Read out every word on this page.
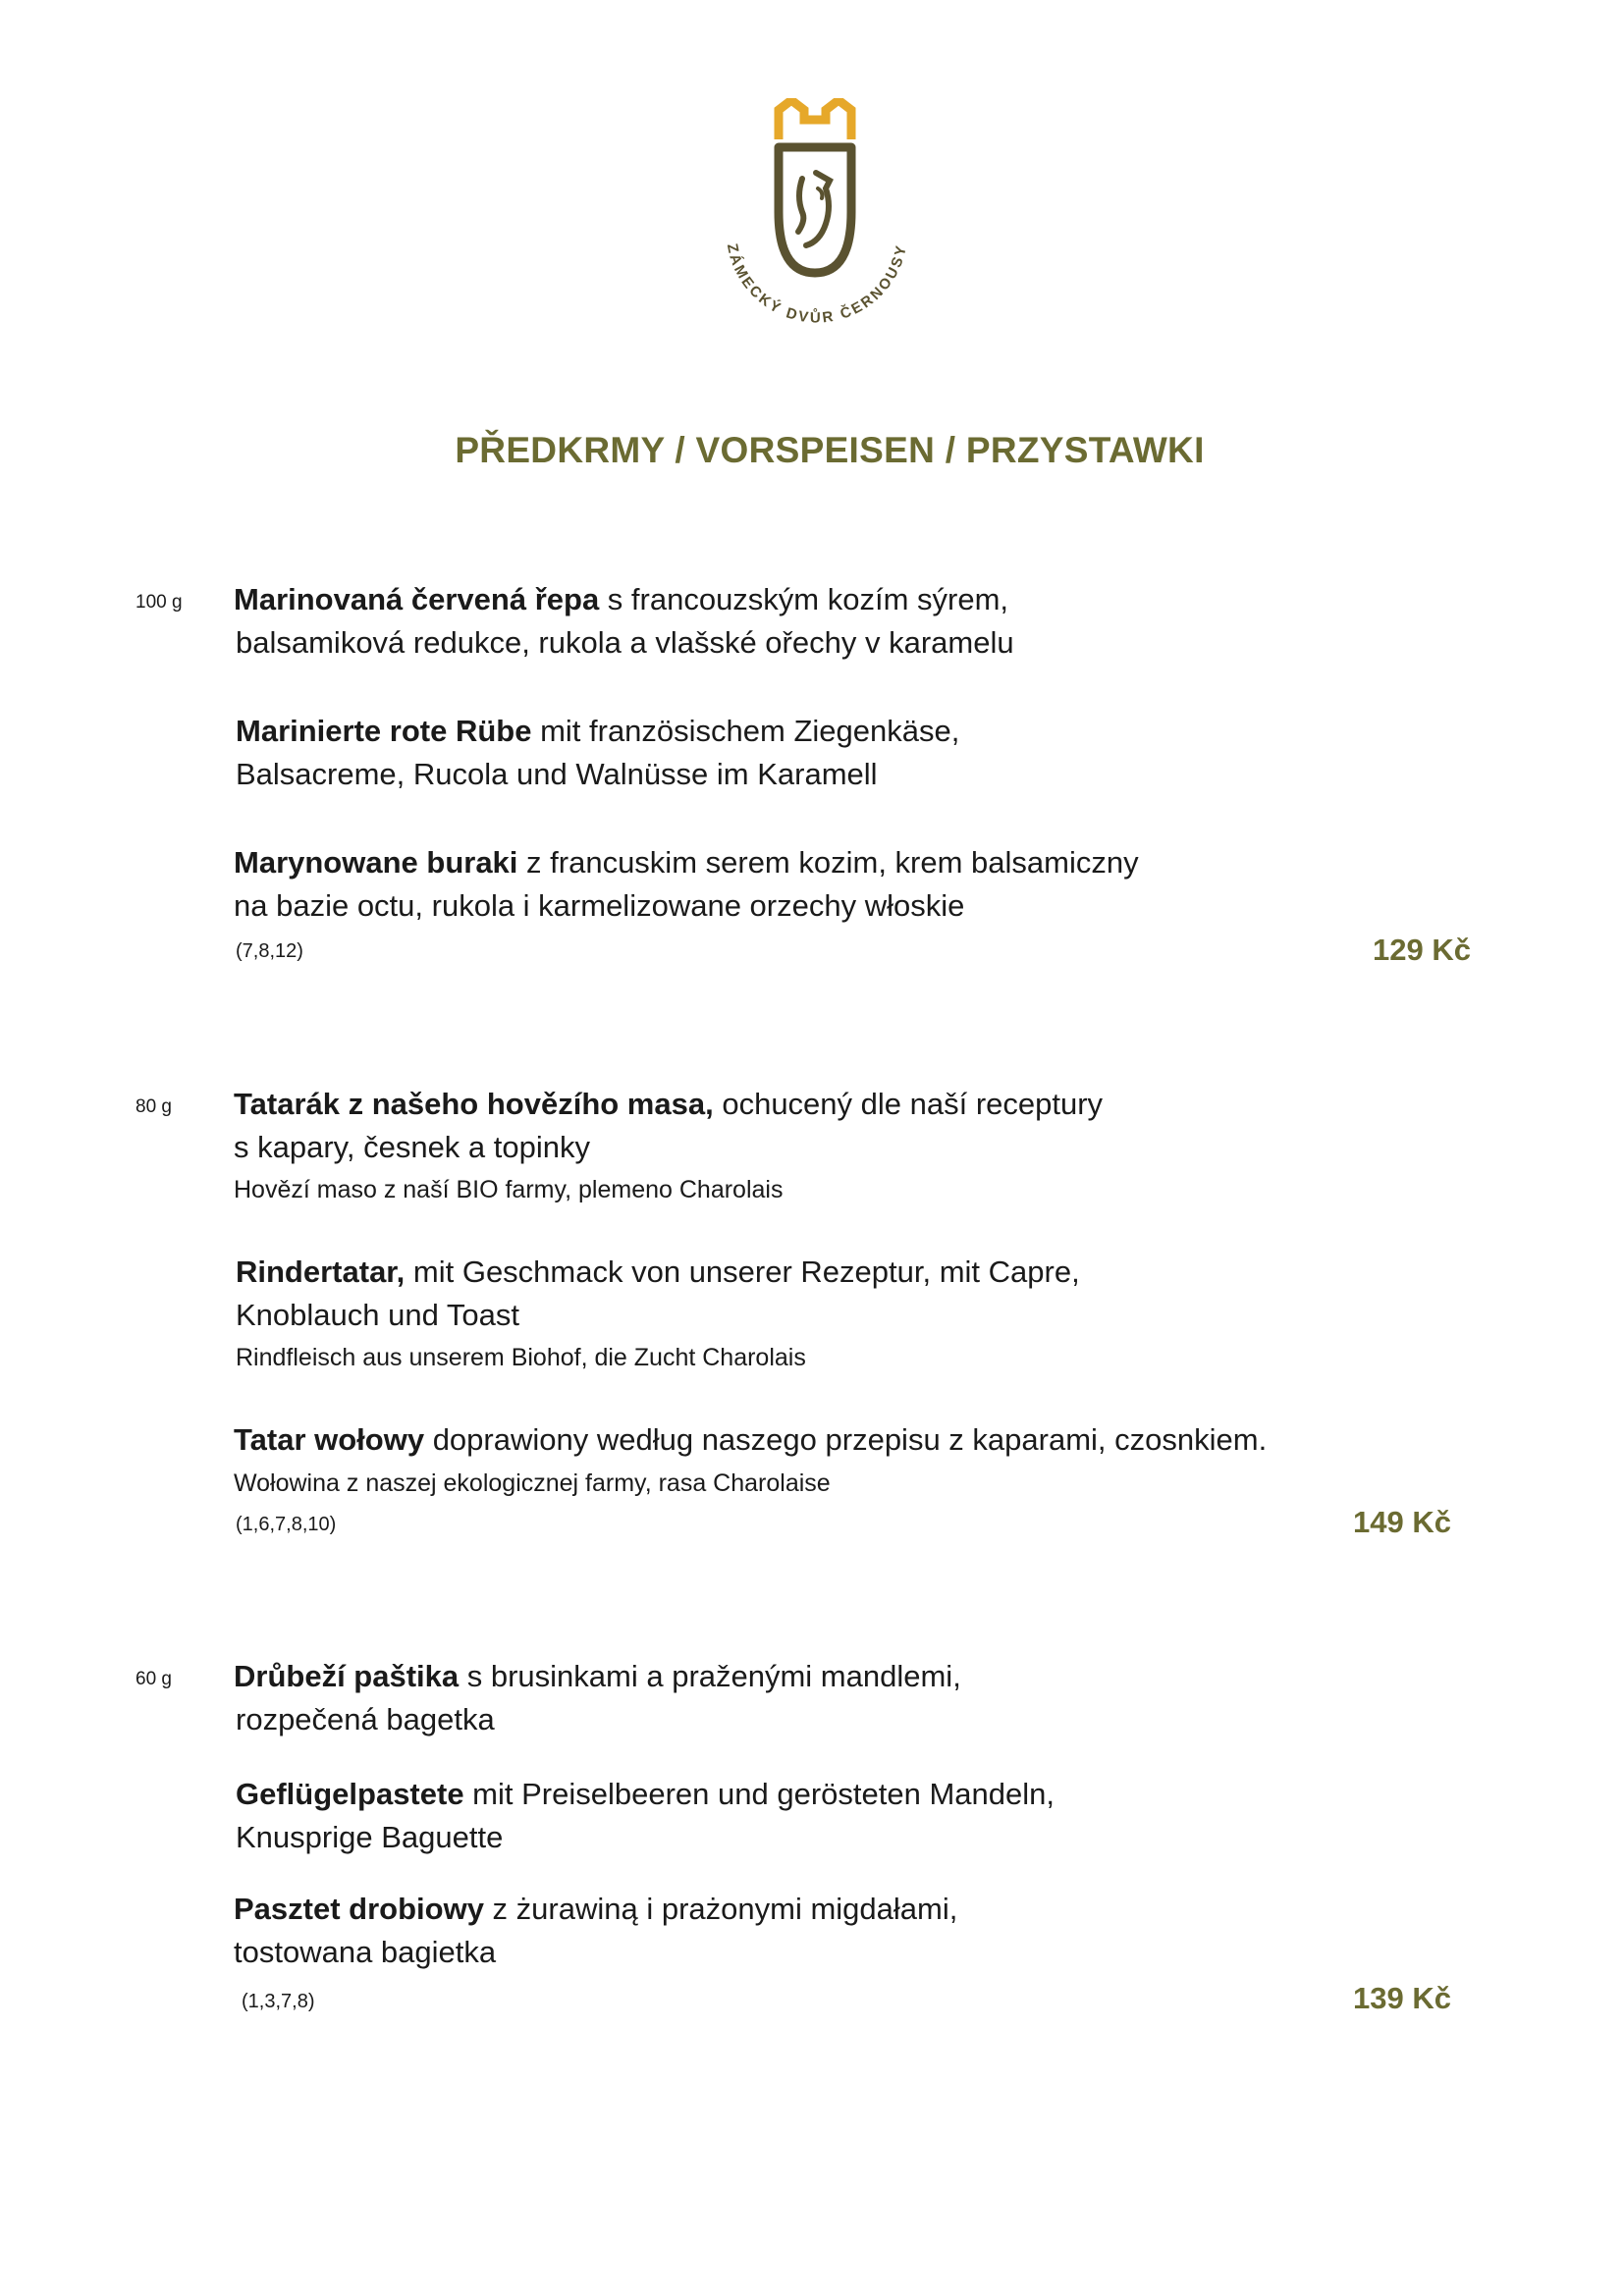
ZÁMECKÝ DVŮR ČERNOUSY
PŘEDKRMY / VORSPEISEN / PRZYSTAWKI
100 g Marinovaná červená řepa s francouzským kozím sýrem,
balsamiková redukce, rukola a vlašské ořechy v karamelu
Marinierte rote Rübe mit französischem Ziegenkäse,
Balsacreme, Rucola und Walnüsse im Karamell
Marynowane buraki z francuskim serem kozim, krem balsamiczny
na bazie octu, rukola i karmelizowane orzechy włoskie
(7,8,12)	129 Kč
80 g Tatarák z našeho hovězího masa, ochucený dle naší receptury
s kapary, česnek a topinky
Hovězí maso z naší BIO farmy, plemeno Charolais
Rindertatar, mit Geschmack von unserer Rezeptur, mit Capre,
Knoblauch und Toast
Rindfleisch aus unserem Biohof, die Zucht Charolais
Tatar wołowy doprawiony według naszego przepisu z kaparami, czosnkiem.
Wołowina z naszej ekologicznej farmy, rasa Charolaise
(1,6,7,8,10)	149 Kč
60 g Drůbeží paštika s brusinkami a praženými mandlemi,
rozpečená bagetka
Geflügelpastete mit Preiselbeeren und gerösteten Mandeln,
Knusprige Baguette
Pasztet drobiowy z żurawiną i prażonymi migdałami,
tostowana bagietka
(1,3,7,8)	139 Kč
